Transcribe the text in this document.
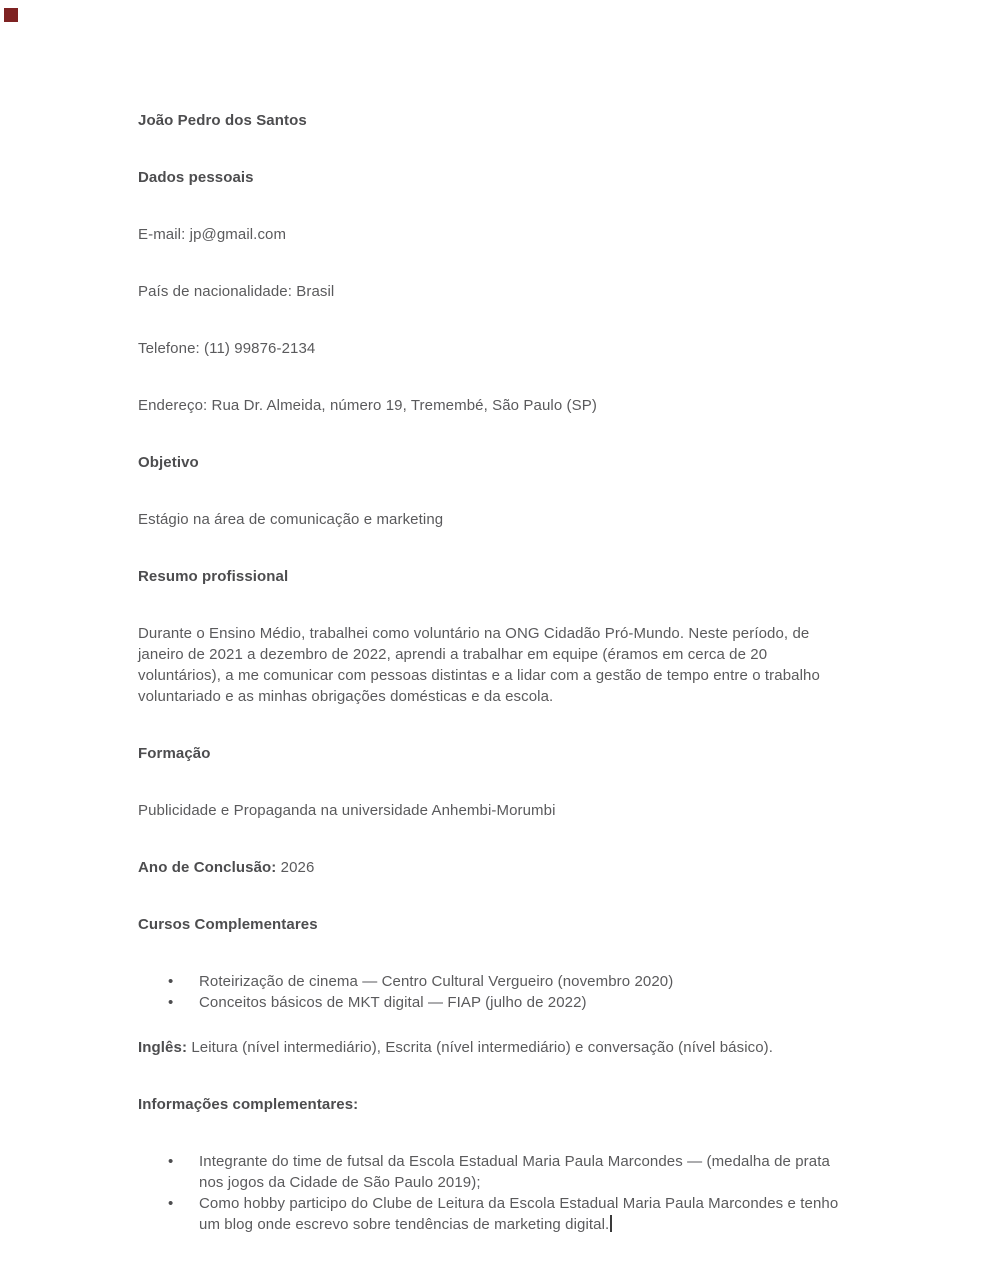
João Pedro dos Santos

Dados pessoais

E-mail: jp@gmail.com

País de nacionalidade: Brasil

Telefone: (11) 99876-2134

Endereço: Rua Dr. Almeida, número 19, Tremembé, São Paulo (SP)

Objetivo

Estágio na área de comunicação e marketing

Resumo profissional

Durante o Ensino Médio, trabalhei como voluntário na ONG Cidadão Pró-Mundo. Neste período, de janeiro de 2021 a dezembro de 2022, aprendi a trabalhar em equipe (éramos em cerca de 20 voluntários), a me comunicar com pessoas distintas e a lidar com a gestão de tempo entre o trabalho voluntariado e as minhas obrigações domésticas e da escola.

Formação

Publicidade e Propaganda na universidade Anhembi-Morumbi

Ano de Conclusão: 2026

Cursos Complementares

• Roteirização de cinema — Centro Cultural Vergueiro (novembro 2020)
• Conceitos básicos de MKT digital — FIAP (julho de 2022)

Inglês: Leitura (nível intermediário), Escrita (nível intermediário) e conversação (nível básico).

Informações complementares:

• Integrante do time de futsal da Escola Estadual Maria Paula Marcondes — (medalha de prata nos jogos da Cidade de São Paulo 2019);
• Como hobby participo do Clube de Leitura da Escola Estadual Maria Paula Marcondes e tenho um blog onde escrevo sobre tendências de marketing digital.
